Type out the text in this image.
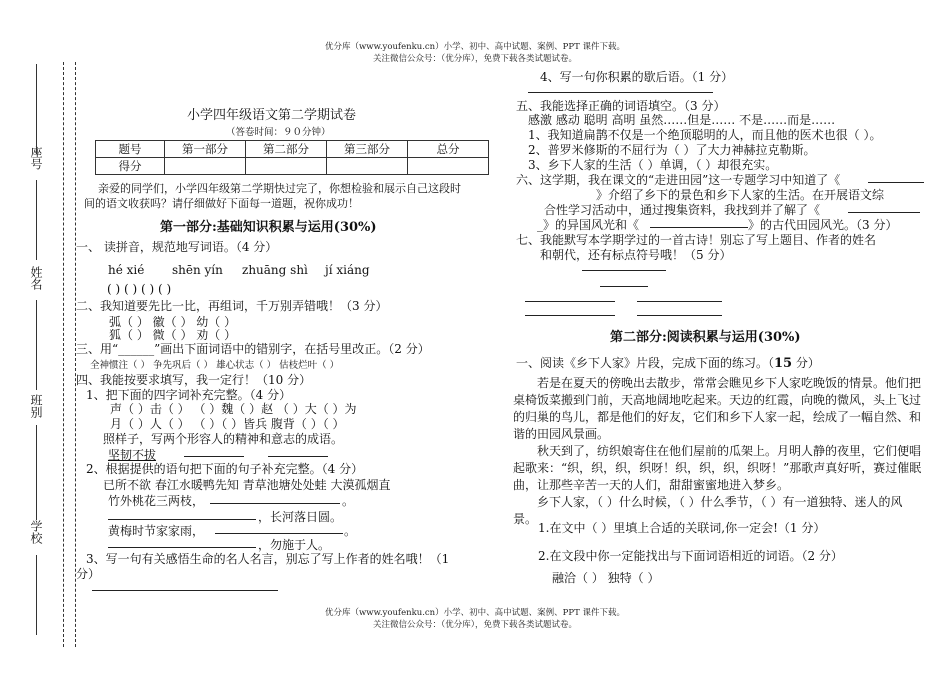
优分库（www.youfenku.cn）小学、初中、高中试题、案例、PPT 课件下载。
关注微信公众号：（优分库），免费下载各类试题试卷。
座号
姓名
班别
学校
小学四年级语文第二学期试卷
（答卷时间：９０分钟）
题号	第一部分	第二部分	第三部分	总分
得分				
亲爱的同学们，小学四年级第二学期快过完了，你想检验和展示自己这段时
间的语文收获吗？请仔细做好下面每一道题，祝你成功！
第一部分:基础知识积累与运用(30%)
一、 读拼音，规范地写词语。（4 分）
hé xié shēn yín zhuāng shì jí xiáng
( ) ( ) ( ) ( )
二、我知道要先比一比，再组词，千万别弄错哦！（3 分）
弧（ ） 徽（ ） 幼（ ）
狐（ ） 微（ ） 劝（ ）
三、用“______”画出下面词语中的错别字，在括号里改正。（2 分）
全神惯注（ ） 争先巩后（ ） 雄心状志（ ） 估枝烂叶（ ）
四、我能按要求填写，我一定行！（10 分）
1、把下面的四字词补充完整。（4 分）
声（ ）击（ ） （ ）魏（ ）赵 （ ）大（ ）为
月（ ）人（ ） （ ）（ ）皆兵 腹背（ ）（ ）
照样子，写两个形容人的精神和意志的成语。
坚韧不拔
2、根据提供的语句把下面的句子补充完整。（4 分）
已所不欲 春江水暖鸭先知 青草池塘处处蛙 大漠孤烟直
竹外桃花三两枝，	。
，长河落日圆。
黄梅时节家家雨，	。
，勿施于人。
3、写一句有关感悟生命的名人名言，别忘了写上作者的姓名哦！（1
分）
4、写一句你积累的歇后语。（1 分）
五、我能选择正确的词语填空。（3 分）
感激 感动 聪明 高明 虽然……但是…… 不是……而是……
1、我知道扁鹊不仅是一个绝顶聪明的人，而且他的医术也很（ ）。
2、普罗米修斯的不屈行为（ ）了大力神赫拉克勒斯。
3、乡下人家的生活（ ）单调，（ ）却很充实。
六、这学期，我在课文的“走进田园”这一专题学习中知道了《
》介绍了乡下的景色和乡下人家的生活。在开展语文综
合性学习活动中，通过搜集资料，我找到并了解了《
_》的异国风光和《	》的古代田园风光。（3 分）
七、我能默写本学期学过的一首古诗！别忘了写上题目、作者的姓名
和朝代，还有标点符号哦！（5 分）
第二部分:阅读积累与运用(30%)
一、阅读《乡下人家》片段，完成下面的练习。（15 分）
若是在夏天的傍晚出去散步，常常会瞧见乡下人家吃晚饭的情景。他们把桌椅饭菜搬到门前，天高地阔地吃起来。天边的红霞，向晚的微风，头上飞过的归巢的鸟儿，都是他们的好友，它们和乡下人家一起，绘成了一幅自然、和谐的田园风景画。
秋天到了，纺织娘寄住在他们屋前的瓜架上。月明人静的夜里，它们便唱起歌来：“织，织，织，织呀！织，织，织，织呀！”那歌声真好听，赛过催眠曲，让那些辛苦一天的人们，甜甜蜜蜜地进入梦乡。
乡下人家，（ ）什么时候，（ ）什么季节，（ ）有一道独特、迷人的风景。
1.在文中（ ）里填上合适的关联词,你一定会!（1 分）
2.在文段中你一定能找出与下面词语相近的词语。（2 分）
融洽（ ） 独特（ ）
优分库（www.youfenku.cn）小学、初中、高中试题、案例、PPT 课件下载。
关注微信公众号：（优分库），免费下载各类试题试卷。
